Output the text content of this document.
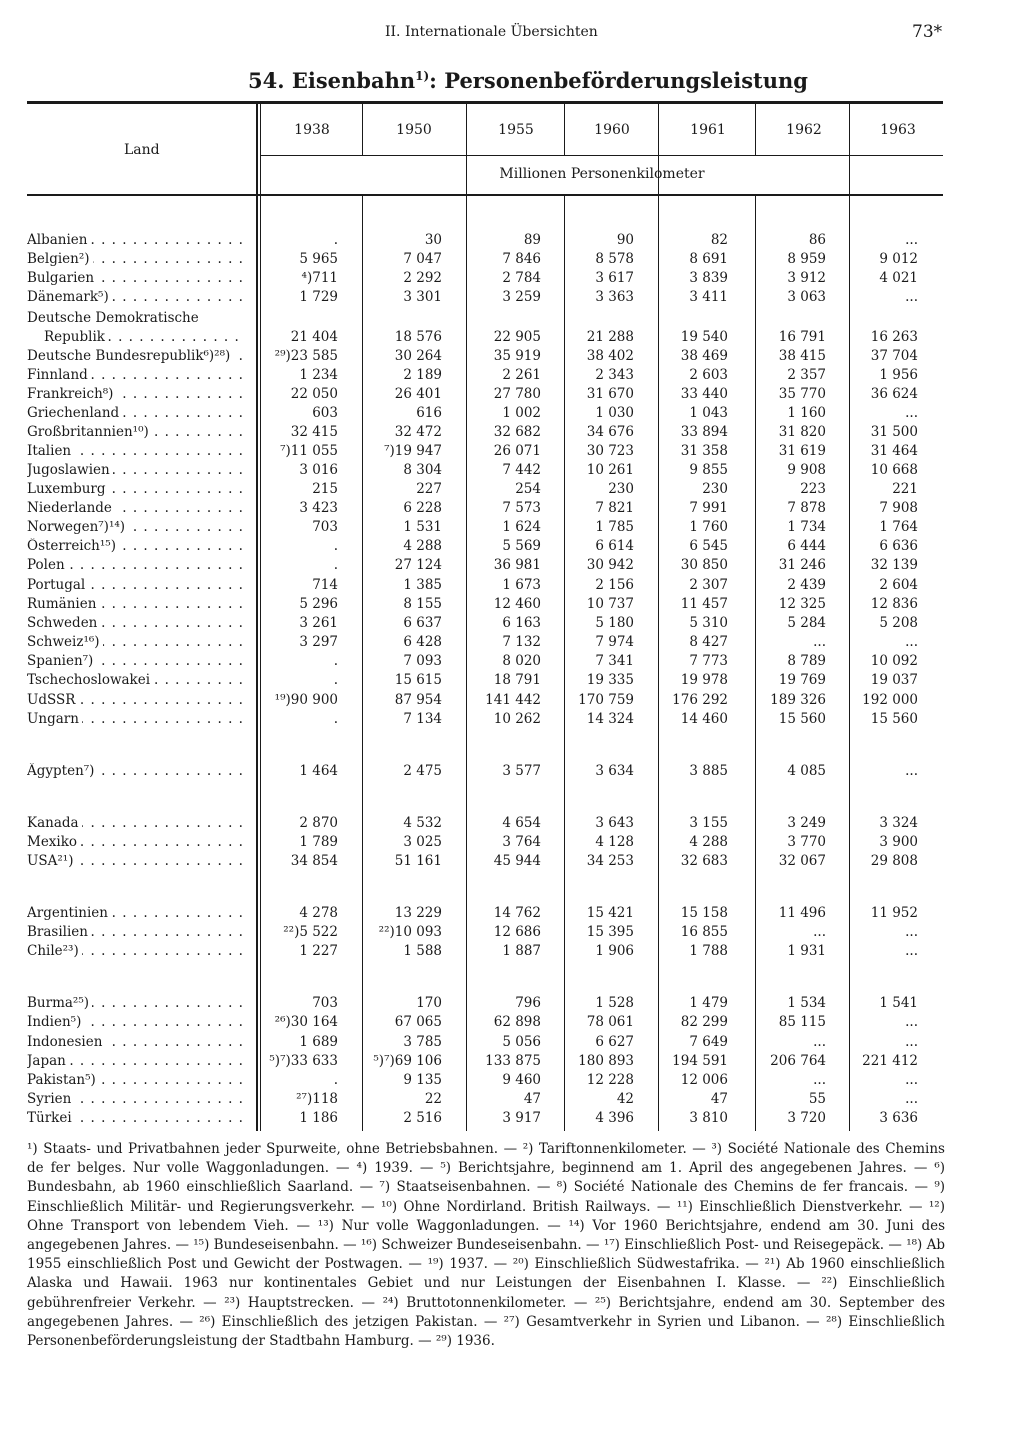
II. Internationale Übersichten	73*
54. Eisenbahn$^{1)}$: Personenbeförderungsleistung
Land
1938	1950	1955	1960	1961	1962	1963
Millionen Personenkilometer
Albanien . . .	.	30	89	90	82	86	...
Belgien²) . . .	5 965	7 047	7 846	8 578	8 691	8 959	9 012
Bulgarien . . .	⁴)711	2 292	2 784	3 617	3 839	3 912	4 021
Dänemark⁵) . . .	1 729	3 301	3 259	3 363	3 411	3 063	...
Deutsche Demokratische
Republik . . .	21 404	18 576	22 905	21 288	19 540	16 791	16 263
Deutsche Bundesrepublik⁶)²⁸) . . .	²⁹)23 585	30 264	35 919	38 402	38 469	38 415	37 704
Finnland . . .	1 234	2 189	2 261	2 343	2 603	2 357	1 956
Frankreich⁸) . . .	22 050	26 401	27 780	31 670	33 440	35 770	36 624
Griechenland . . .	603	616	1 002	1 030	1 043	1 160	...
Großbritannien¹⁰) . . .	32 415	32 472	32 682	34 676	33 894	31 820	31 500
Italien . . .	⁷)11 055	⁷)19 947	26 071	30 723	31 358	31 619	31 464
Jugoslawien . . .	3 016	8 304	7 442	10 261	9 855	9 908	10 668
Luxemburg . . .	215	227	254	230	230	223	221
Niederlande . . .	3 423	6 228	7 573	7 821	7 991	7 878	7 908
Norwegen⁷)¹⁴) . . .	703	1 531	1 624	1 785	1 760	1 734	1 764
Österreich¹⁵) . . .	.	4 288	5 569	6 614	6 545	6 444	6 636
Polen . . .	.	27 124	36 981	30 942	30 850	31 246	32 139
Portugal . . .	714	1 385	1 673	2 156	2 307	2 439	2 604
Rumänien . . .	5 296	8 155	12 460	10 737	11 457	12 325	12 836
Schweden . . .	3 261	6 637	6 163	5 180	5 310	5 284	5 208
Schweiz¹⁶) . . .	3 297	6 428	7 132	7 974	8 427	...	...
Spanien⁷) . . .	.	7 093	8 020	7 341	7 773	8 789	10 092
Tschechoslowakei . . .	.	15 615	18 791	19 335	19 978	19 769	19 037
UdSSR . . .	¹⁹)90 900	87 954	141 442	170 759	176 292	189 326	192 000
Ungarn . . .	.	7 134	10 262	14 324	14 460	15 560	15 560
Ägypten⁷) . . .	1 464	2 475	3 577	3 634	3 885	4 085	...
Kanada . . .	2 870	4 532	4 654	3 643	3 155	3 249	3 324
Mexiko . . .	1 789	3 025	3 764	4 128	4 288	3 770	3 900
USA²¹) . . .	34 854	51 161	45 944	34 253	32 683	32 067	29 808
Argentinien . . .	4 278	13 229	14 762	15 421	15 158	11 496	11 952
Brasilien . . .	²²)5 522	²²)10 093	12 686	15 395	16 855	...	...
Chile²³) . . .	1 227	1 588	1 887	1 906	1 788	1 931	...
Burma²⁵) . . .	703	170	796	1 528	1 479	1 534	1 541
Indien⁵) . . .	²⁶)30 164	67 065	62 898	78 061	82 299	85 115	...
Indonesien . . .	1 689	3 785	5 056	6 627	7 649	...	...
Japan . . .	⁵)⁷)33 633	⁵)⁷)69 106	133 875	180 893	194 591	206 764	221 412
Pakistan⁵) . . .	.	9 135	9 460	12 228	12 006	...	...
Syrien . . .	²⁷)118	22	47	42	47	55	...
Türkei . . .	1 186	2 516	3 917	4 396	3 810	3 720	3 636
¹) Staats- und Privatbahnen jeder Spurweite, ohne Betriebsbahnen. — ²) Tariftonnenkilometer. — ³) Société Nationale des Chemins de fer belges. Nur volle Waggonladungen. — ⁴) 1939. — ⁵) Berichtsjahre, beginnend am 1. April des angegebenen Jahres. — ⁶) Bundesbahn, ab 1960 einschließlich Saarland. — ⁷) Staatseisenbahnen. — ⁸) Société Nationale des Chemins de fer francais. — ⁹) Einschließlich Militär- und Regierungsverkehr. — ¹⁰) Ohne Nordirland. British Railways. — ¹¹) Einschließlich Dienstverkehr. — ¹²) Ohne Transport von lebendem Vieh. — ¹³) Nur volle Waggonladungen. — ¹⁴) Vor 1960 Berichtsjahre, endend am 30. Juni des angegebenen Jahres. — ¹⁵) Bundeseisenbahn. — ¹⁶) Schweizer Bundeseisenbahn. — ¹⁷) Einschließlich Post- und Reisegepäck. — ¹⁸) Ab 1955 einschließlich Post und Gewicht der Postwagen. — ¹⁹) 1937. — ²⁰) Einschließlich Südwestafrika. — ²¹) Ab 1960 einschließlich Alaska und Hawaii. 1963 nur kontinentales Gebiet und nur Leistungen der Eisenbahnen I. Klasse. — ²²) Einschließlich gebührenfreier Verkehr. — ²³) Hauptstrecken. — ²⁴) Bruttotonnenkilometer. — ²⁵) Berichtsjahre, endend am 30. September des angegebenen Jahres. — ²⁶) Einschließlich des jetzigen Pakistan. — ²⁷) Gesamtverkehr in Syrien und Libanon. — ²⁸) Einschließlich Personenbeförderungsleistung der Stadtbahn Hamburg. — ²⁹) 1936.
